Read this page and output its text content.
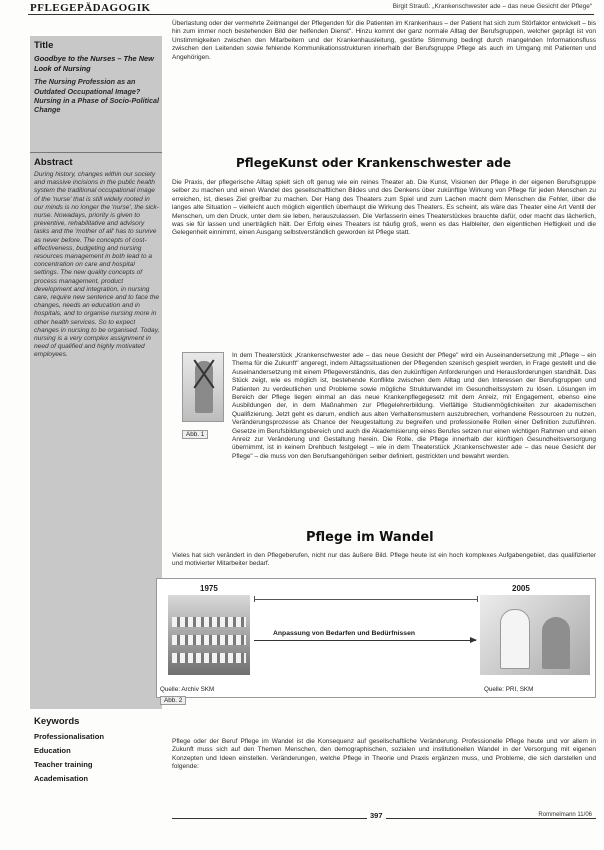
PFLEGEPÄDAGOGIK	Birgit Strauß: „Krankenschwester ade – das neue Gesicht der Pflege“
Title
Goodbye to the Nurses – The New Look of Nursing
The Nursing Profession as an Outdated Occupational Image? Nursing in a Phase of Socio-Political Change
Abstract
During history, changes within our society and massive incisions in the public health system the traditional occupational image of the 'nurse' that is still widely rooted in our minds is no longer the 'nurse', the sick-nurse. Nowadays, priority is given to preventive, rehabilitative and advisory tasks and the 'mother of all' has to survive as never before. The concepts of cost-effectiveness, budgeting and nursing resources management in both lead to a concentration on care and hospital settings. The new quality concepts of process management, product development and integration, in nursing care, require new sentence and to face the changes, needs an education and in hospitals, and to organise nursing more in other health services. So to expect changes in nursing to be organised. Today, nursing is a very complex assignment in need of qualified and highly motivated employees.
Keywords
Professionalisation
Education
Teacher training
Academisation
Überlastung oder der vermehrte Zeitmangel der Pflegenden für die Patienten im Krankenhaus – der Patient hat sich zum Störfaktor entwickelt – bis hin zum immer noch bestehenden Bild der helfenden Dienst". Hinzu kommt der ganz normale Alltag der Berufsgruppen, welcher geprägt ist von Unstimmigkeiten zwischen den Mitarbeitern und der Krankenhausleitung, gestörte Stimmung bedingt durch mangelnden Informationsfluss zwischen den Leitenden sowie fehlende Kommunikationsstrukturen innerhalb der Berufsgruppe Pflege als auch im Umgang mit Patienten und Angehörigen.
PflegeKunst oder Krankenschwester ade
Die Praxis, der pflegerische Alltag spielt sich oft genug wie ein reines Theater ab. Die Kunst, Visionen der Pflege in der eigenen Berufsgruppe selber zu machen und einen Wandel des gesellschaftlichen Bildes und des Denkens über zukünftige Wirkung von Pflege für jeden Menschen zu erreichen, ist, dieses Ziel greifbar zu machen. Der Hang des Theaters zum Spiel und zum Lachen macht dem Menschen die Fehler, über die langes alte Situation – vielleicht auch möglich eigentlich überhaupt die Wirkung des Theaters. Es scheint, als wäre das Theater eine Art Ventil der Menschen, um den Druck, unter dem sie leben, herauszulassen. Die Verfasserin eines Theaterstückes brauchte dafür, oder macht das lächerlich, was sie für lassen und unerträglich hält. Der Erfolg eines Theaters ist häufig groß, wenn es das Halbleiter, den eigentlichen Heftigkeit und die Gelegenheit einnimmt, einen Ausgang selbstverständlich geworden ist Pflege statt.
Abb. 1
In dem Theaterstück „Krankenschwester ade – das neue Gesicht der Pflege" wird ein Auseinandersetzung mit „Pflege – ein Thema für die Zukunft" angeregt, indem Alltagssituationen der Pflegenden szenisch gespielt werden, in Frage gestellt und die Auseinandersetzung mit einem Pflegeverständnis, das den zukünftigen Anforderungen und Herausforderungen standhält. Das Stück zeigt, wie es möglich ist, bestehende Konflikte zwischen dem Alltag und den Interessen der Berufsgruppen und Patienten zu verdeutlichen und Probleme sowie mögliche Strukturwandel im Gesundheitssystem zu lösen. Lösungen im Bereich der Pflege liegen einmal an das neue Krankenpflegegesetz mit dem Anreiz, mit Engagement, ebenso eine Ausbildungen der, in dem Maßnahmen zur Pflegelehrerbildung. Vielfältige Studienmöglichkeiten zur akademischen Qualifizierung. Jetzt geht es darum, endlich aus alten Verhaltensmustern auszubrechen, vorhandene Ressourcen zu nutzen, Veränderungsprozesse als Chance der Neugestaltung zu begreifen und professionelle Rollen einer Definition zuzuführen. Gesetze im Berufsbildungsbereich und auch die Akademisierung eines Berufes setzen nur einen wichtigen Rahmen und einen Anreiz zur Veränderung und Gestaltung herein. Die Rolle, die Pflege innerhalb der künftigen Gesundheitsversorgung übernimmt, ist in keinem Drehbuch festgelegt – wie in dem Theaterstück „Krankenschwester ade – das neue Gesicht der Pflege" – die muss von den Berufsangehörigen selber definiert, gestrickten und bewahrt werden.
Pflege im Wandel
Vieles hat sich verändert in den Pflegeberufen, nicht nur das äußere Bild. Pflege heute ist ein hoch komplexes Aufgabengebiet, das qualifizierter und motivierter Mitarbeiter bedarf.
1975	2005
Anpassung von Bedarfen und Bedürfnissen
Quelle: Archiv SKM
Abb. 2
Quelle: PRI, SKM
Pflege oder der Beruf Pflege im Wandel ist die Konsequenz auf gesellschaftliche Veränderung. Professionelle Pflege heute und vor allem in Zukunft muss sich auf den Themen Menschen, den demographischen, sozialen und institutionellen Wandel in der Versorgung mit eigenen Konzepten und Ideen einstellen. Veränderungen, welche Pflege in Theorie und Praxis ergänzen muss, und Probleme, die sich darstellen und folgende:
397	Rommelmann 11/06
